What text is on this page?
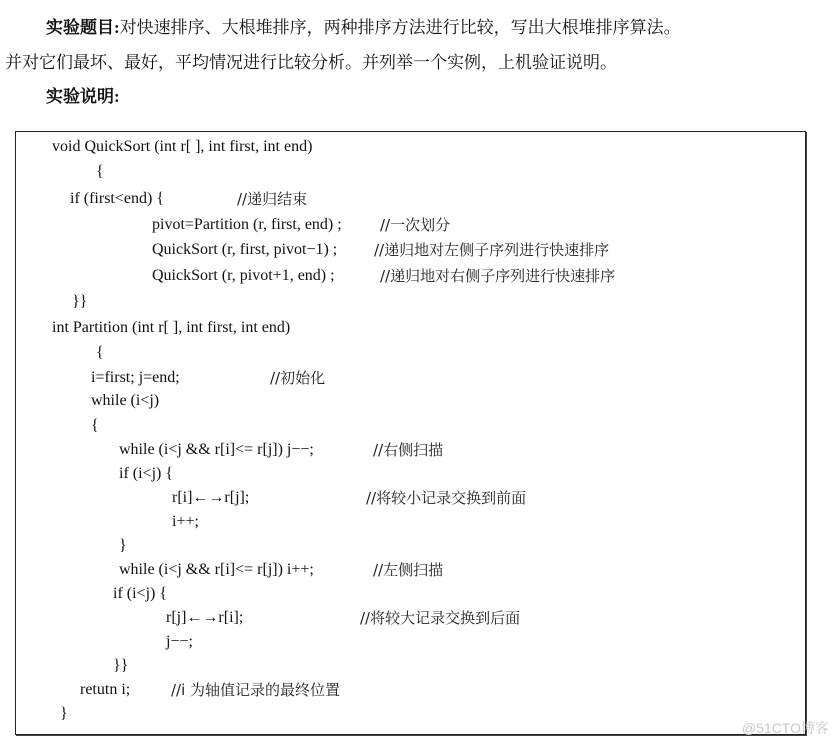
实验题目:对快速排序、大根堆排序，两种排序方法进行比较，写出大根堆排序算法。
并对它们最坏、最好，平均情况进行比较分析。并列举一个实例，上机验证说明。
实验说明:
void QuickSort (int r[ ], int first, int end)
{
if (first<end) {	//递归结束
pivot=Partition (r, first, end) ;	//一次划分
QuickSort (r, first, pivot−1) ; //递归地对左侧子序列进行快速排序
QuickSort (r, pivot+1, end) ;	//递归地对右侧子序列进行快速排序
}}
int Partition (int r[ ], int first, int end)
{
i=first; j=end;	//初始化
while (i<j)
{
while (i<j && r[i]<= r[j]) j−−;	//右侧扫描
if (i<j) {
r[i]←→r[j];	//将较小记录交换到前面
i++;
}
while (i<j && r[i]<= r[j]) i++;	//左侧扫描
if (i<j) {
r[j]←→r[i];	//将较大记录交换到后面
j−−;
}}
retutn i;	//i 为轴值记录的最终位置
}
@51CTO博客
